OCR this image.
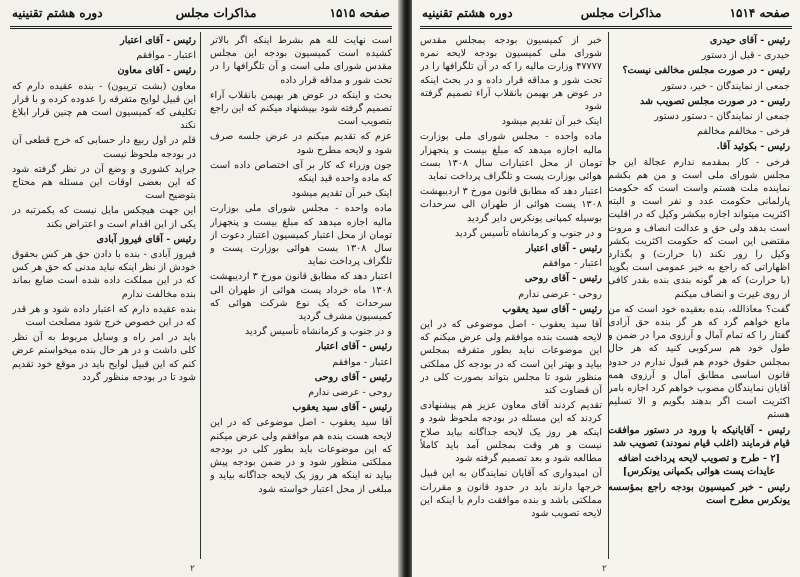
صفحه ۱۵۱۵
مذاکرات مجلس
دوره هشتم تقنینیه

است نهایت لله هم بشرط اینکه اگر بالاتر کشیده است کمیسیون بودجه این مجلس مقدس شورای ملی است و آن تلگرافها را در تحت شور و مداقه قرار داده

بحث و اینکه در عوض هر بهیمن بانقلاب آراء تصمیم گرفته شود بپیشنهاد میکنم که این راجع بتصویب است

عزم که تقدیم میکنم در عرض جلسه صرف شود و لایحه مطرح شود

جون وزراء که کار بر آی اختصاص داده است که ماده واحده قید اینکه

اینک خبر آن تقدیم میشود

ماده واحده - مجلس شورای ملی بوزارت مالیه اجازه میدهد که مبلغ بیست و پنجهزار تومان از محل اعتبار کمیسیون اعتبار دعوت از سال ۱۳۰۸ بست هوائی بوزارت پست و تلگراف پرداخت نماید

اعتبار دهد که مطابق قانون مورخ ۳ اردیبهشت ۱۳۰۸ ماه خرداد پست هوائی از طهران الی سرحدات که یک نوع شرکت هوائی که کمیسیون مشرف گردید

و در جنوب و کرمانشاه تأسیس گردید

رئیس - آقای اعتبار

اعتبار - موافقم

رئیس - آقای روحی

روحی - عرضی ندارم

رئیس - آقای سید یعقوب

آقا سید یعقوب - اصل موضوعی که در این لایحه هست بنده هم موافقم ولی عرض میکنم که این موضوعات باید بطور کلی در بودجه مملکتی منظور شود و در ضمن بودجه پیش بیاید نه اینکه هر روز یک لایحه جداگانه بیاید و مبلغی از محل اعتبار خواسته شود

رئیس - آقای اعتبار

اعتبار - موافقم

رئیس - آقای معاون

معاون (بشت تریبون) - بنده عقیده دارم که این قبیل لوایح متفرقه را عدوده کرده و با قرار تکلیفی که کمیسیون است هم چنین قرار ابلاغ نکند

قلم در اول ربیع دار حسابی که خرج قطعی آن در بودجه ملحوظ نیست

جراید کشوری و وضع آن در نظر گرفته شود که این بعضی اوقات این مسئله هم محتاج بتوضیح است

این جهت هیچکس مایل نیست که یکمرتبه در یکی از این اقدام است و اعتراض بکند

رئیس - آقای فیروز آبادی

فیروز آبادی - بنده با دادن حق هر کس بحقوق خودش از نظر اینکه نباید مدنی که حق هر کس که در این مملکت داده شده است ضایع بماند بنده مخالفت ندارم

بنده عقیده دارم که اعتبار داده شود و هر قدر که در این خصوص خرج شود مصلحت است

باید در امر راه و وسایل مربوط به آن نظر کلی داشت و در هر حال بنده میخواستم عرض کنم که این قبیل لوایح باید در موقع خود تقدیم شود تا در بودجه منظور گردد

۲
صفحه ۱۵۱۴
مذاکرات مجلس
دوره هشتم تقنینیه

رئیس - آقای حیدری

حیدری - قبل از دستور

رئیس - در صورت مجلس مخالفی نیست؟

جمعی از نمایندگان - خیر، دستور

رئیس - در صورت مجلس تصویب شد

جمعی از نمایندگان - دستور دستور

فرخی - مخالفم مخالفم

رئیس - بکوئید آقا.

فرخی - کار بمقدمه ندارم عجالة این جا مجلس شورای ملی است و من هم بکشم نماینده ملت هستم واست است که حکومت پارلمانی حکومت عدد و نفر است و البته اکثریت میتواند اجازه بیکشر وکیل که در اقلیت است بدهد ولی حق و عدالت انصاف و مروت مقتضی این است که حکومت اکثریت بکشر وکیل را زور نکند (با حرارت) و بگذارد اظهاراتی که راجع به خیر عمومی است بگوید (با حرارت) که هر گونه بندی بنده بقدر کافی از روی غیرت و انصاف میکنم

گفت؟ معاذالله، بنده بعقیده خود است که من مانع خواهم گرد که هر گز بنده حق آزادی گفتار را که تمام آمال و آرزوی مرا در ضمن و طول خود هم سرکوبی کنید که هر حال بمجلس حقوق خودم هم قبول ندارم در حدود قانون اساسی مطابق آمال و آرزوی همه آقایان نمایندگان مصوب خواهم کرد اجازه بامر اکثریت است اگر بدهند بگویم و الا تسلیم هستم

رئیس - آقایانیکه با ورود در دستور موافقت قیام فرمایند (اغلب قیام نمودند) تصویب شد

[۲ - طرح و تصویب لایحه پرداخت اضافه عایدات پست هوائی بکمپانی یونکرس]

رئیس - خبر کمیسیون بودجه راجع بمؤسسه یونکرس مطرح است

خبر از کمیسیون بودجه بمجلس مقدس شورای ملی کمیسیون بودجه لایحه نمره ۴۷۷۷۷ وزارت مالیه را که در آن تلگرافها را در تحت شور و مداقه قرار داده و در بحث اینکه در عوض هر بهیمن بانقلاب آراء تصمیم گرفته شود

اینک خبر آن تقدیم میشود

ماده واحده - مجلس شورای ملی بوزارت مالیه اجازه میدهد که مبلغ بیست و پنجهزار تومان از محل اعتبارات سال ۱۳۰۸ بست هوائی بوزارت پست و تلگراف پرداخت نماید

اعتبار دهد که مطابق قانون مورخ ۳ اردیبهشت ۱۳۰۸ پست هوائی از طهران الی سرحدات بوسیله کمپانی یونکرس دایر گردید

و در جنوب و کرمانشاه تأسیس گردید

رئیس - آقای اعتبار

اعتبار - موافقم

رئیس - آقای روحی

روحی - عرضی ندارم

رئیس - آقای سید یعقوب

آقا سید یعقوب - اصل موضوعی که در این لایحه هست بنده موافقم ولی عرض میکنم که این موضوعات نباید بطور متفرقه بمجلس بیاید و بهتر این است که در بودجه کل مملکتی منظور شود تا مجلس بتواند بصورت کلی در آن قضاوت کند

تقدیم کردند آقای معاون عزیز هم پیشنهادی کردند که این مسئله در بودجه ملحوظ شود و اینکه هر روز یک لایحه جداگانه بیاید صلاح نیست و هر وقت بمجلس آمد باید کاملاً مطالعه شود و بعد تصمیم گرفته شود

آن امیدواری که آقایان نمایندگان به این قبیل خرجها دارند باید در حدود قانون و مقررات مملکتی باشد و بنده موافقت دارم با اینکه این لایحه تصویب شود

۲
